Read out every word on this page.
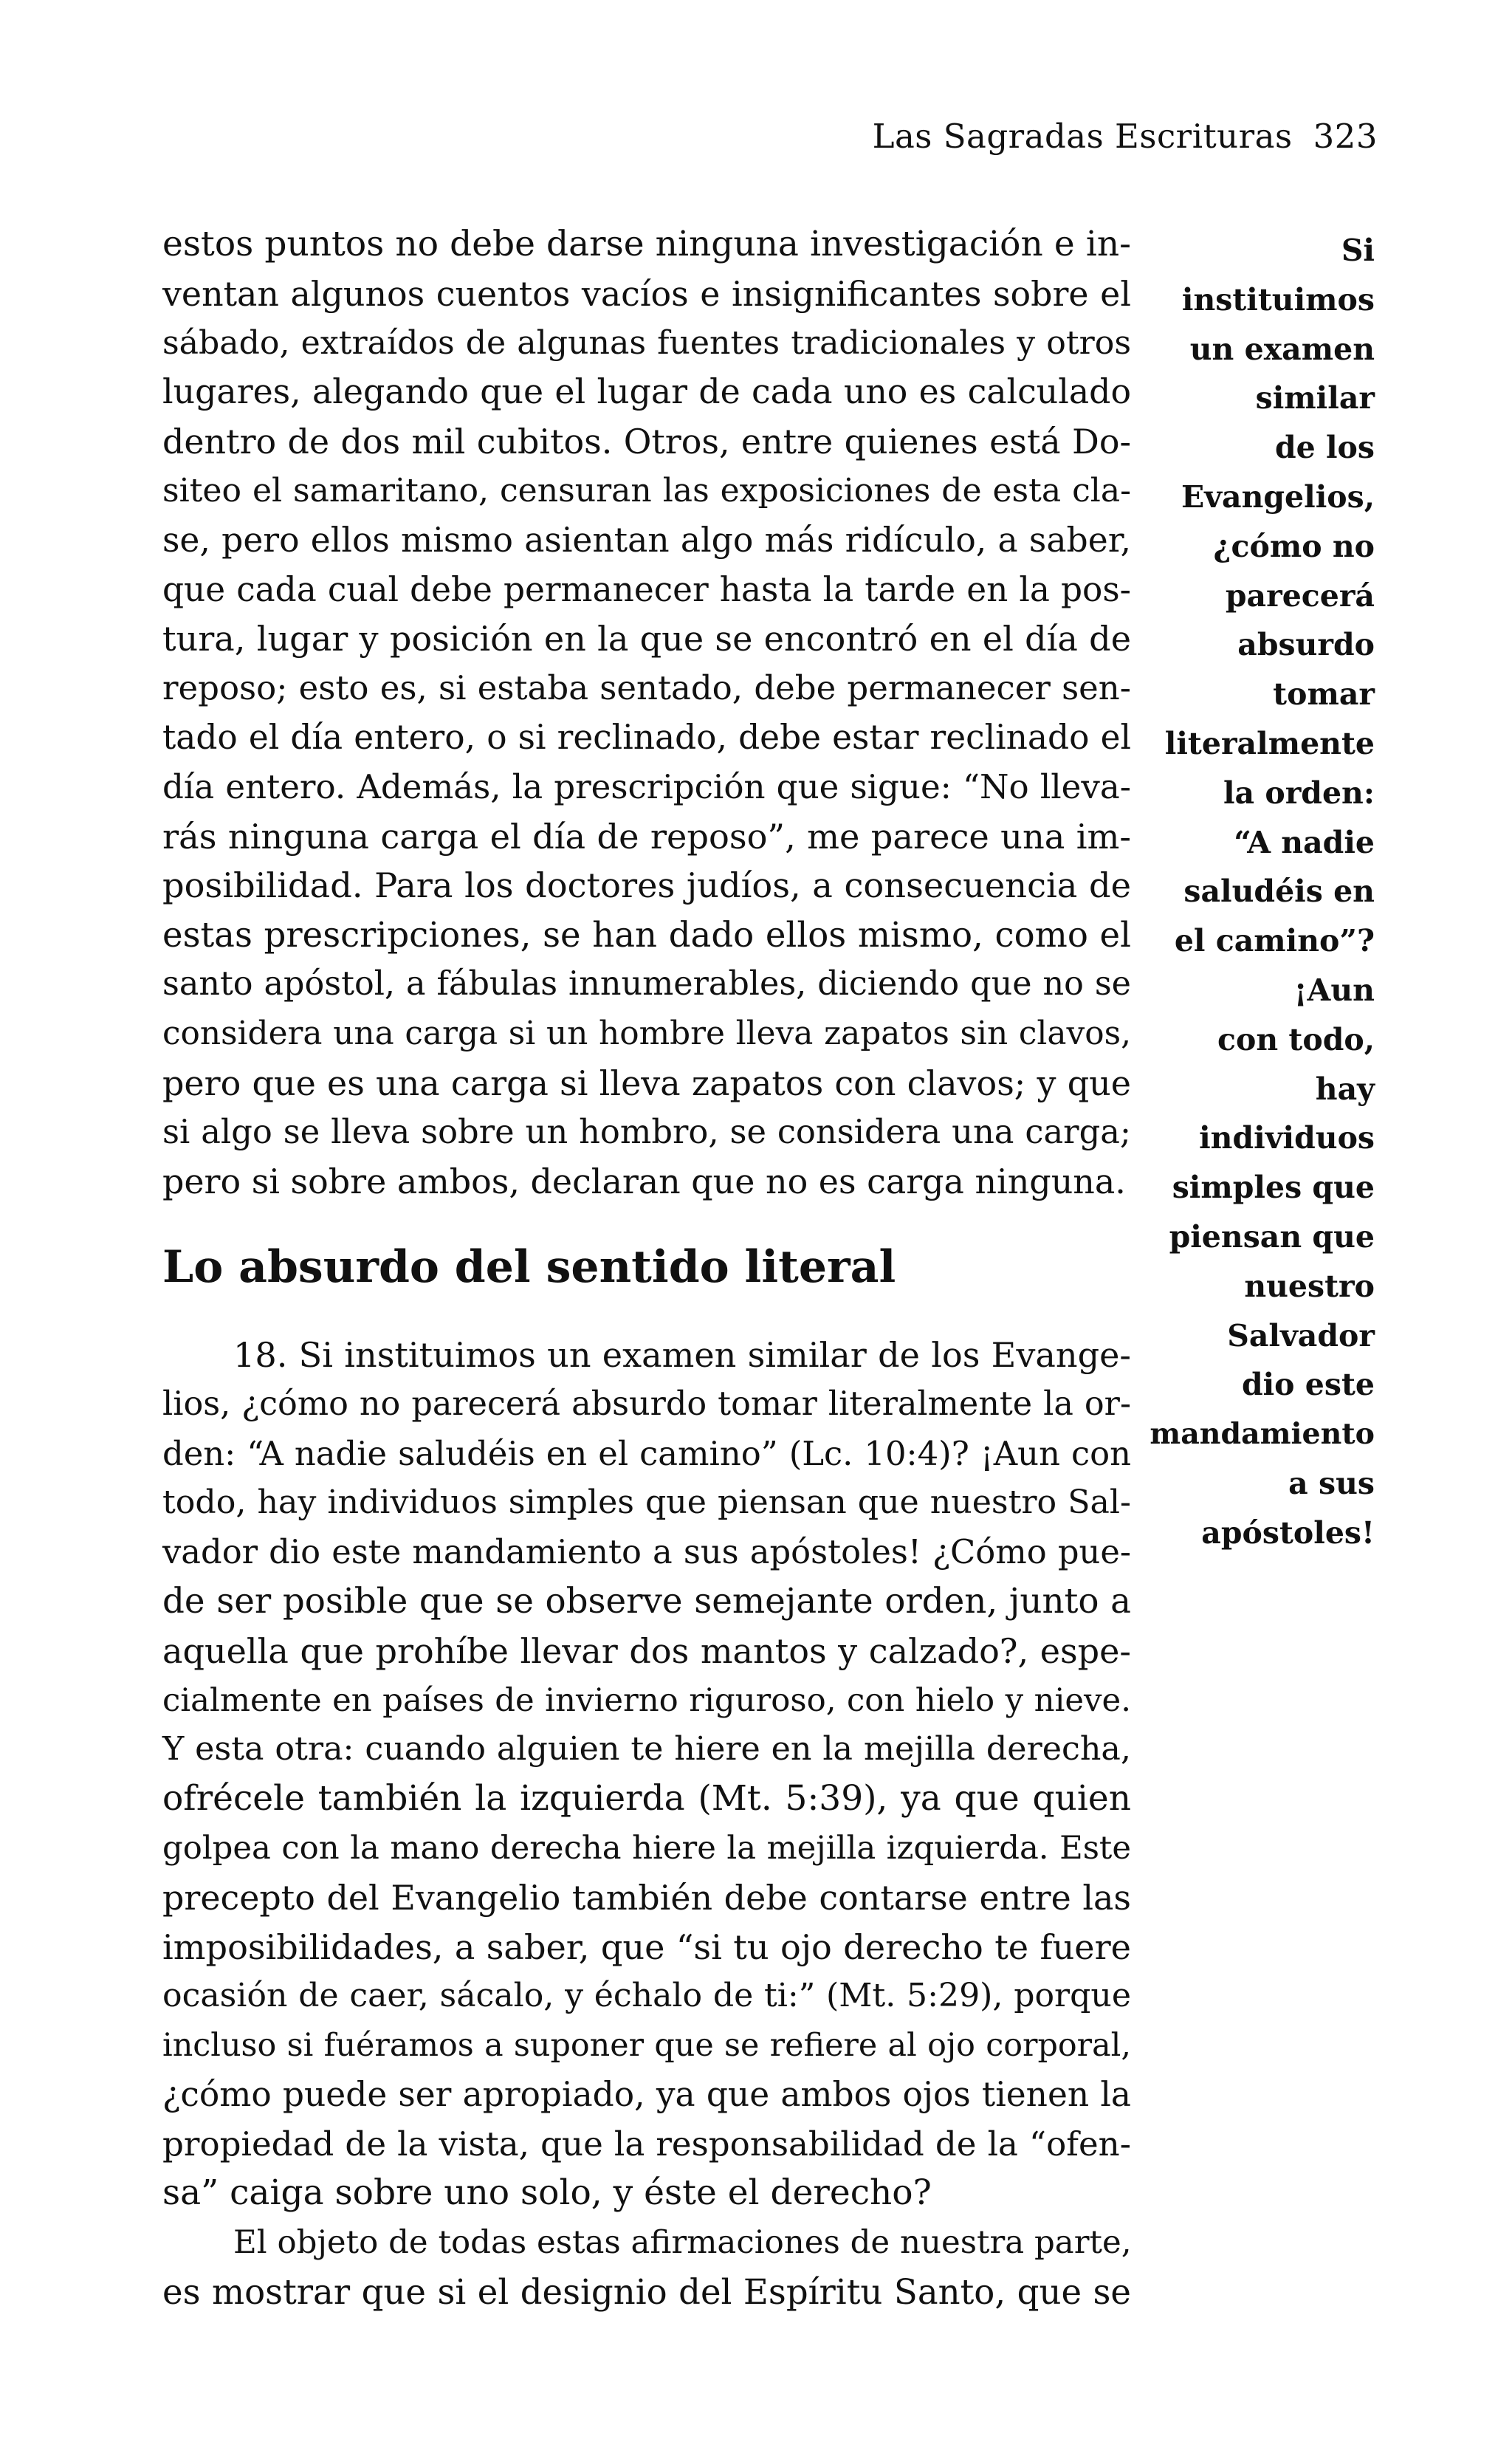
Las Sagradas Escrituras 323
estos puntos no debe darse ninguna investigación e in-
ventan algunos cuentos vacíos e insignificantes sobre el
sábado, extraídos de algunas fuentes tradicionales y otros
lugares, alegando que el lugar de cada uno es calculado
dentro de dos mil cubitos. Otros, entre quienes está Do-
siteo el samaritano, censuran las exposiciones de esta cla-
se, pero ellos mismo asientan algo más ridículo, a saber,
que cada cual debe permanecer hasta la tarde en la pos-
tura, lugar y posición en la que se encontró en el día de
reposo; esto es, si estaba sentado, debe permanecer sen-
tado el día entero, o si reclinado, debe estar reclinado el
día entero. Además, la prescripción que sigue: “No lleva-
rás ninguna carga el día de reposo”, me parece una im-
posibilidad. Para los doctores judíos, a consecuencia de
estas prescripciones, se han dado ellos mismo, como el
santo apóstol, a fábulas innumerables, diciendo que no se
considera una carga si un hombre lleva zapatos sin clavos,
pero que es una carga si lleva zapatos con clavos; y que
si algo se lleva sobre un hombro, se considera una carga;
pero si sobre ambos, declaran que no es carga ninguna.
Lo absurdo del sentido literal
18. Si instituimos un examen similar de los Evange-
lios, ¿cómo no parecerá absurdo tomar literalmente la or-
den: “A nadie saludéis en el camino” (Lc. 10:4)? ¡Aun con
todo, hay individuos simples que piensan que nuestro Sal-
vador dio este mandamiento a sus apóstoles! ¿Cómo pue-
de ser posible que se observe semejante orden, junto a
aquella que prohíbe llevar dos mantos y calzado?, espe-
cialmente en países de invierno riguroso, con hielo y nieve.
Y esta otra: cuando alguien te hiere en la mejilla derecha,
ofrécele también la izquierda (Mt. 5:39), ya que quien
golpea con la mano derecha hiere la mejilla izquierda. Este
precepto del Evangelio también debe contarse entre las
imposibilidades, a saber, que “si tu ojo derecho te fuere
ocasión de caer, sácalo, y échalo de ti:” (Mt. 5:29), porque
incluso si fuéramos a suponer que se refiere al ojo corporal,
¿cómo puede ser apropiado, ya que ambos ojos tienen la
propiedad de la vista, que la responsabilidad de la “ofen-
sa” caiga sobre uno solo, y éste el derecho?
El objeto de todas estas afirmaciones de nuestra parte,
es mostrar que si el designio del Espíritu Santo, que se
Si
instituimos
un examen
similar
de los
Evangelios,
¿cómo no
parecerá
absurdo
tomar
literalmente
la orden:
“A nadie
saludéis en
el camino”?
¡Aun
con todo,
hay
individuos
simples que
piensan que
nuestro
Salvador
dio este
mandamiento
a sus
apóstoles!
